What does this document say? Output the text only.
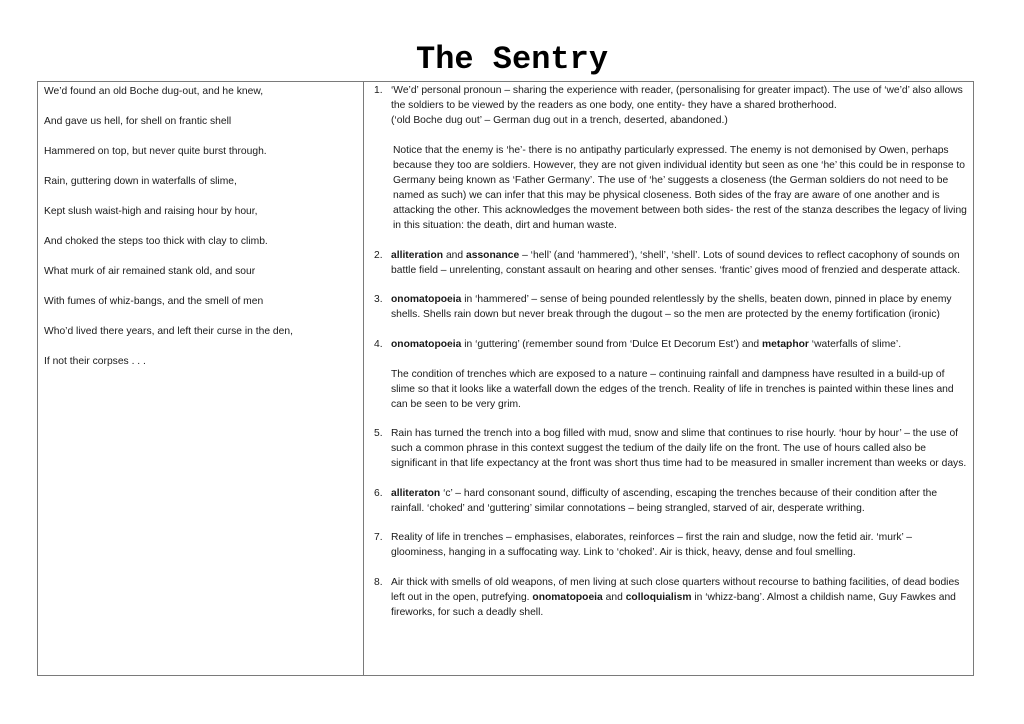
The Sentry
We’d found an old Boche dug-out, and he knew,
And gave us hell, for shell on frantic shell
Hammered on top, but never quite burst through.
Rain, guttering down in waterfalls of slime,
Kept slush waist-high and raising hour by hour,
And choked the steps too thick with clay to climb.
What murk of air remained stank old, and sour
With fumes of whiz-bangs, and the smell of men
Who’d lived there years, and left their curse in the den,
If not their corpses . . .
1. ‘We’d’ personal pronoun – sharing the experience with reader, (personalising for greater impact). The use of ‘we’d’ also allows the soldiers to be viewed by the readers as one body, one entity- they have a shared brotherhood.

(‘old Boche dug out’ – German dug out in a trench, deserted, abandoned.)

Notice that the enemy is ‘he’- there is no antipathy particularly expressed. The enemy is not demonised by Owen, perhaps because they too are soldiers. However, they are not given individual identity but seen as one ‘he’ this could be in response to Germany being known as ‘Father Germany’. The use of ‘he’ suggests a closeness (the German soldiers do not need to be named as such) we can infer that this may be physical closeness. Both sides of the fray are aware of one another and is attacking the other. This acknowledges the movement between both sides- the rest of the stanza describes the legacy of living in this situation: the death, dirt and human waste.

2. alliteration and assonance – ‘hell’ (and ‘hammered’), ‘shell’, ‘shell’. Lots of sound devices to reflect cacophony of sounds on battle field – unrelenting, constant assault on hearing and other senses. ‘frantic’ gives mood of frenzied and desperate attack.

3. onomatopoeia in ‘hammered’ – sense of being pounded relentlessly by the shells, beaten down, pinned in place by enemy shells. Shells rain down but never break through the dugout – so the men are protected by the enemy fortification (ironic)

4. onomatopoeia in ‘guttering’ (remember sound from ‘Dulce Et Decorum Est’) and metaphor ‘waterfalls of slime’.

The condition of trenches which are exposed to a nature – continuing rainfall and dampness have resulted in a build-up of slime so that it looks like a waterfall down the edges of the trench. Reality of life in trenches is painted within these lines and can be seen to be very grim.

5. Rain has turned the trench into a bog filled with mud, snow and slime that continues to rise hourly. ‘hour by hour’ – the use of such a common phrase in this context suggest the tedium of the daily life on the front. The use of hours called also be significant in that life expectancy at the front was short thus time had to be measured in smaller increment than weeks or days.

6. alliteraton ‘c’ – hard consonant sound, difficulty of ascending, escaping the trenches because of their condition after the rainfall. ‘choked’ and ‘guttering’ similar connotations – being strangled, starved of air, desperate writhing.

7. Reality of life in trenches – emphasises, elaborates, reinforces – first the rain and sludge, now the fetid air. ‘murk’ – gloominess, hanging in a suffocating way. Link to ‘choked’. Air is thick, heavy, dense and foul smelling.

8. Air thick with smells of old weapons, of men living at such close quarters without recourse to bathing facilities, of dead bodies left out in the open, putrefying. onomatopoeia and colloquialism in ‘whizz-bang’. Almost a childish name, Guy Fawkes and fireworks, for such a deadly shell.
